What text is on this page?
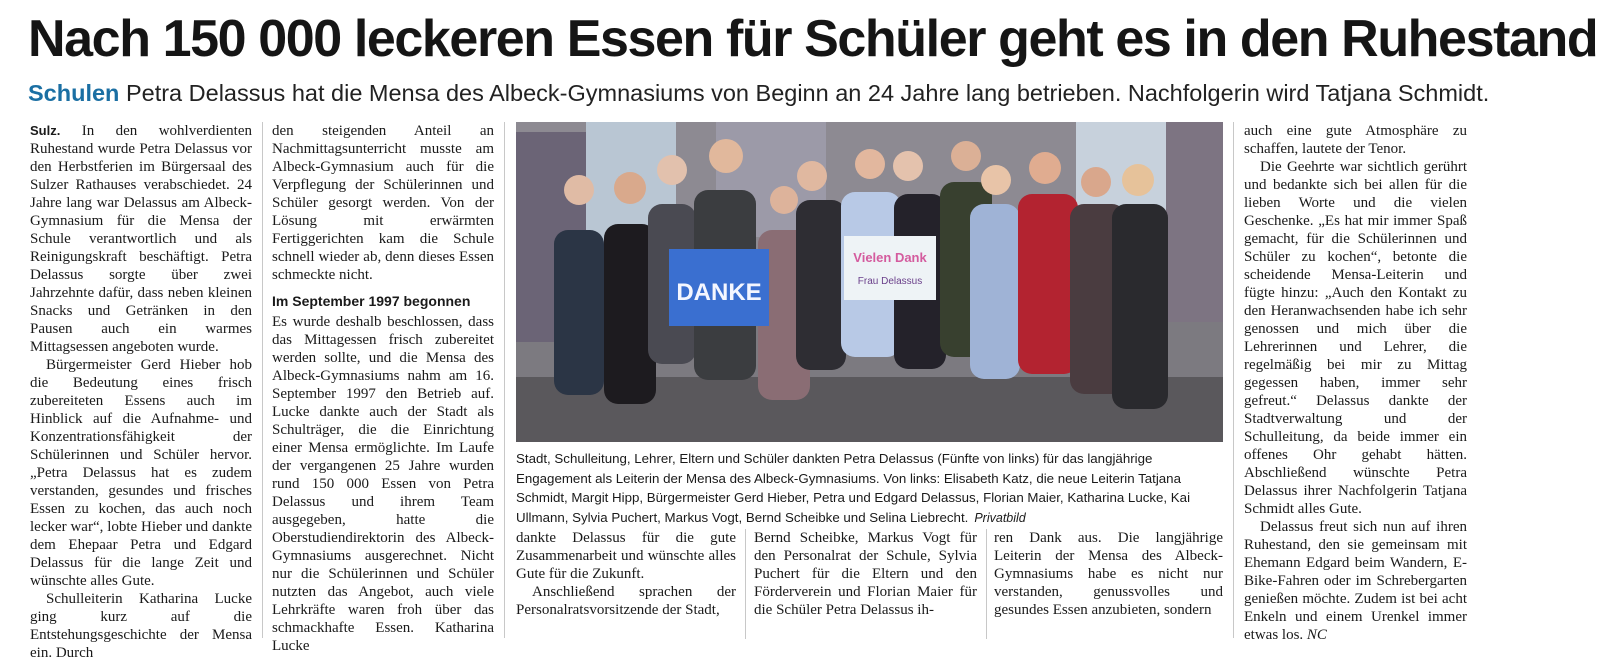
Nach 150 000 leckeren Essen für Schüler geht es in den Ruhestand
Schulen Petra Delassus hat die Mensa des Albeck-Gymnasiums von Beginn an 24 Jahre lang betrieben. Nachfolgerin wird Tatjana Schmidt.

Sulz. In den wohlverdienten Ruhestand wurde Petra Delassus vor den Herbstferien im Bürgersaal des Sulzer Rathauses verabschiedet. 24 Jahre lang war Delassus am Albeck-Gymnasium für die Mensa der Schule verantwortlich und als Reinigungskraft beschäftigt. Petra Delassus sorgte über zwei Jahrzehnte dafür, dass neben kleinen Snacks und Getränken in den Pausen auch ein warmes Mittagsessen angeboten wurde.

Bürgermeister Gerd Hieber hob die Bedeutung eines frisch zubereiteten Essens auch im Hinblick auf die Aufnahme- und Konzentrationsfähigkeit der Schülerinnen und Schüler hervor. „Petra Delassus hat es zudem verstanden, gesundes und frisches Essen zu kochen, das auch noch lecker war“, lobte Hieber und dankte dem Ehepaar Petra und Edgard Delassus für die lange Zeit und wünschte alles Gute.

Schulleiterin Katharina Lucke ging kurz auf die Entstehungsgeschichte der Mensa ein. Durch

den steigenden Anteil an Nachmittagsunterricht musste am Albeck-Gymnasium auch für die Verpflegung der Schülerinnen und Schüler gesorgt werden. Von der Lösung mit erwärmten Fertiggerichten kam die Schule schnell wieder ab, denn dieses Essen schmeckte nicht.

Im September 1997 begonnen

Es wurde deshalb beschlossen, dass das Mittagessen frisch zubereitet werden sollte, und die Mensa des Albeck-Gymnasiums nahm am 16. September 1997 den Betrieb auf. Lucke dankte auch der Stadt als Schulträger, die die Einrichtung einer Mensa ermöglichte. Im Laufe der vergangenen 25 Jahre wurden rund 150 000 Essen von Petra Delassus und ihrem Team ausgegeben, hatte die Oberstudiendirektorin des Albeck-Gymnasiums ausgerechnet. Nicht nur die Schülerinnen und Schüler nutzten das Angebot, auch viele Lehrkräfte waren froh über das schmackhafte Essen. Katharina Lucke

DANKE
Vielen Dank
Frau Delassus
Stadt, Schulleitung, Lehrer, Eltern und Schüler dankten Petra Delassus (Fünfte von links) für das langjährige Engagement als Leiterin der Mensa des Albeck-Gymnasiums. Von links: Elisabeth Katz, die neue Leiterin Tatjana Schmidt, Margit Hipp, Bürgermeister Gerd Hieber, Petra und Edgard Delassus, Florian Maier, Katharina Lucke, Kai Ullmann, Sylvia Puchert, Markus Vogt, Bernd Scheibke und Selina Liebrecht. Privatbild

dankte Delassus für die gute Zusammenarbeit und wünschte alles Gute für die Zukunft.

Anschließend sprachen der Personalratsvorsitzende der Stadt,

Bernd Scheibke, Markus Vogt für den Personalrat der Schule, Sylvia Puchert für die Eltern und den Förderverein und Florian Maier für die Schüler Petra Delassus ih-

ren Dank aus. Die langjährige Leiterin der Mensa des Albeck-Gymnasiums habe es nicht nur verstanden, genussvolles und gesundes Essen anzubieten, sondern

auch eine gute Atmosphäre zu schaffen, lautete der Tenor.

Die Geehrte war sichtlich gerührt und bedankte sich bei allen für die lieben Worte und die vielen Geschenke. „Es hat mir immer Spaß gemacht, für die Schülerinnen und Schüler zu kochen“, betonte die scheidende Mensa-Leiterin und fügte hinzu: „Auch den Kontakt zu den Heranwachsenden habe ich sehr genossen und mich über die Lehrerinnen und Lehrer, die regelmäßig bei mir zu Mittag gegessen haben, immer sehr gefreut.“ Delassus dankte der Stadtverwaltung und der Schulleitung, da beide immer ein offenes Ohr gehabt hätten. Abschließend wünschte Petra Delassus ihrer Nachfolgerin Tatjana Schmidt alles Gute.

Delassus freut sich nun auf ihren Ruhestand, den sie gemeinsam mit Ehemann Edgard beim Wandern, E-Bike-Fahren oder im Schrebergarten genießen möchte. Zudem ist bei acht Enkeln und einem Urenkel immer etwas los. NC
